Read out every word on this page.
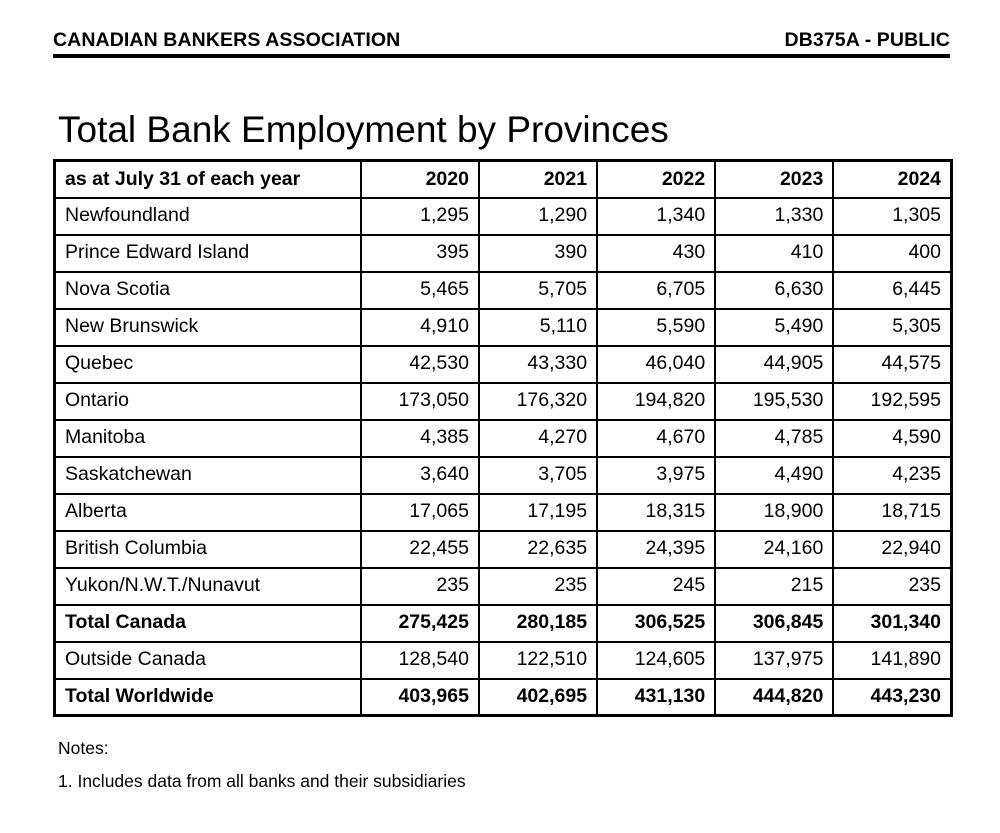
CANADIAN BANKERS ASSOCIATION	DB375A - PUBLIC
Total Bank Employment by Provinces
as at July 31 of each year	2020	2021	2022	2023	2024
Newfoundland	1,295	1,290	1,340	1,330	1,305
Prince Edward Island	395	390	430	410	400
Nova Scotia	5,465	5,705	6,705	6,630	6,445
New Brunswick	4,910	5,110	5,590	5,490	5,305
Quebec	42,530	43,330	46,040	44,905	44,575
Ontario	173,050	176,320	194,820	195,530	192,595
Manitoba	4,385	4,270	4,670	4,785	4,590
Saskatchewan	3,640	3,705	3,975	4,490	4,235
Alberta	17,065	17,195	18,315	18,900	18,715
British Columbia	22,455	22,635	24,395	24,160	22,940
Yukon/N.W.T./Nunavut	235	235	245	215	235
Total Canada	275,425	280,185	306,525	306,845	301,340
Outside Canada	128,540	122,510	124,605	137,975	141,890
Total Worldwide	403,965	402,695	431,130	444,820	443,230
Notes:
1. Includes data from all banks and their subsidiaries
